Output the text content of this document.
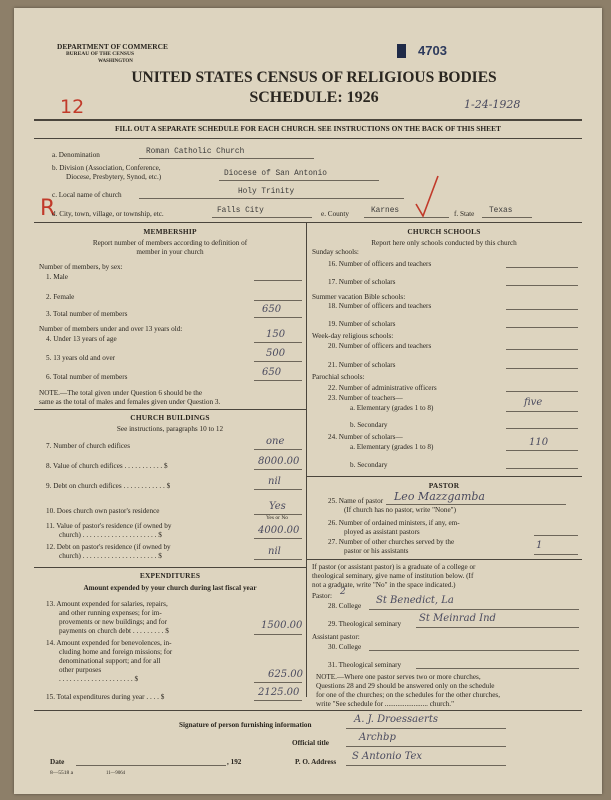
DEPARTMENT OF COMMERCE
BUREAU OF THE CENSUS
WASHINGTON
4703
UNITED STATES CENSUS OF RELIGIOUS BODIES
SCHEDULE: 1926
12	1-24-1928
FILL OUT A SEPARATE SCHEDULE FOR EACH CHURCH. SEE INSTRUCTIONS ON THE BACK OF THIS SHEET
a. Denomination	Roman Catholic Church
b. Division (Association, Conference,
Diocese, Presbytery, Synod, etc.)	Diocese of San Antonio
R
c. Local name of church	Holy Trinity
d. City, town, village, or township, etc.	Falls City	e. County	Karnes	f. State Texas
MEMBERSHIP
Report number of members according to definition of
member in your church
Number of members, by sex:
1. Male
2. Female
3. Total number of members	650
Number of members under and over 13 years old:
4. Under 13 years of age	150
5. 13 years old and over	500
6. Total number of members	650
NOTE.—The total given under Question 6 should be the
same as the total of males and females given under Question 3.
CHURCH BUILDINGS
See instructions, paragraphs 10 to 12
7. Number of church edifices	one
8. Value of church edifices . . . . . . . . . . . $	8000.00
9. Debt on church edifices . . . . . . . . . . . . $	nil
10. Does church own pastor's residence	Yes
Yes or No
11. Value of pastor's residence (if owned by
church) . . . . . . . . . . . . . . . . . . . . . $	4000.00
12. Debt on pastor's residence (if owned by
church) . . . . . . . . . . . . . . . . . . . . . $	nil
EXPENDITURES
Amount expended by your church during last fiscal year
13. Amount expended for salaries, repairs,
and other running expenses; for im-
provements or new buildings; and for
payments on church debt . . . . . . . . . $	1500.00
14. Amount expended for benevolences, in-
cluding home and foreign missions; for
denominational support; and for all
other purposes
. . . . . . . . . . . . . . . . . . . . . $	625.00
15. Total expenditures during year . . . . $	2125.00
CHURCH SCHOOLS
Report here only schools conducted by this church
Sunday schools:
16. Number of officers and teachers
17. Number of scholars
Summer vacation Bible schools:
18. Number of officers and teachers
19. Number of scholars
Week-day religious schools:
20. Number of officers and teachers
21. Number of scholars
Parochial schools:
22. Number of administrative officers
23. Number of teachers—
a. Elementary (grades 1 to 8)	five
b. Secondary
24. Number of scholars—
a. Elementary (grades 1 to 8)	110
b. Secondary
PASTOR
25. Name of pastor Leo Mazzgamba
(If church has no pastor, write "None")
26. Number of ordained ministers, if any, em-
ployed as assistant pastors
27. Number of other churches served by the
pastor or his assistants	1
If pastor (or assistant pastor) is a graduate of a college or
theological seminary, give name of institution below. (If
not a graduate, write "No" in the space indicated.)
Pastor: 2
28. College St Benedict, La
29. Theological seminary St Meinrad Ind
Assistant pastor:
30. College
31. Theological seminary
NOTE.—Where one pastor serves two or more churches,
Questions 28 and 29 should be answered only on the schedule
for one of the churches; on the schedules for the other churches,
write "See schedule for ........................ church."
Signature of person furnishing information	A. J. Droessaerts
Official title	Archbp
Date	, 192	P. O. Address S Antonio Tex
8—5518 a	11—9064
